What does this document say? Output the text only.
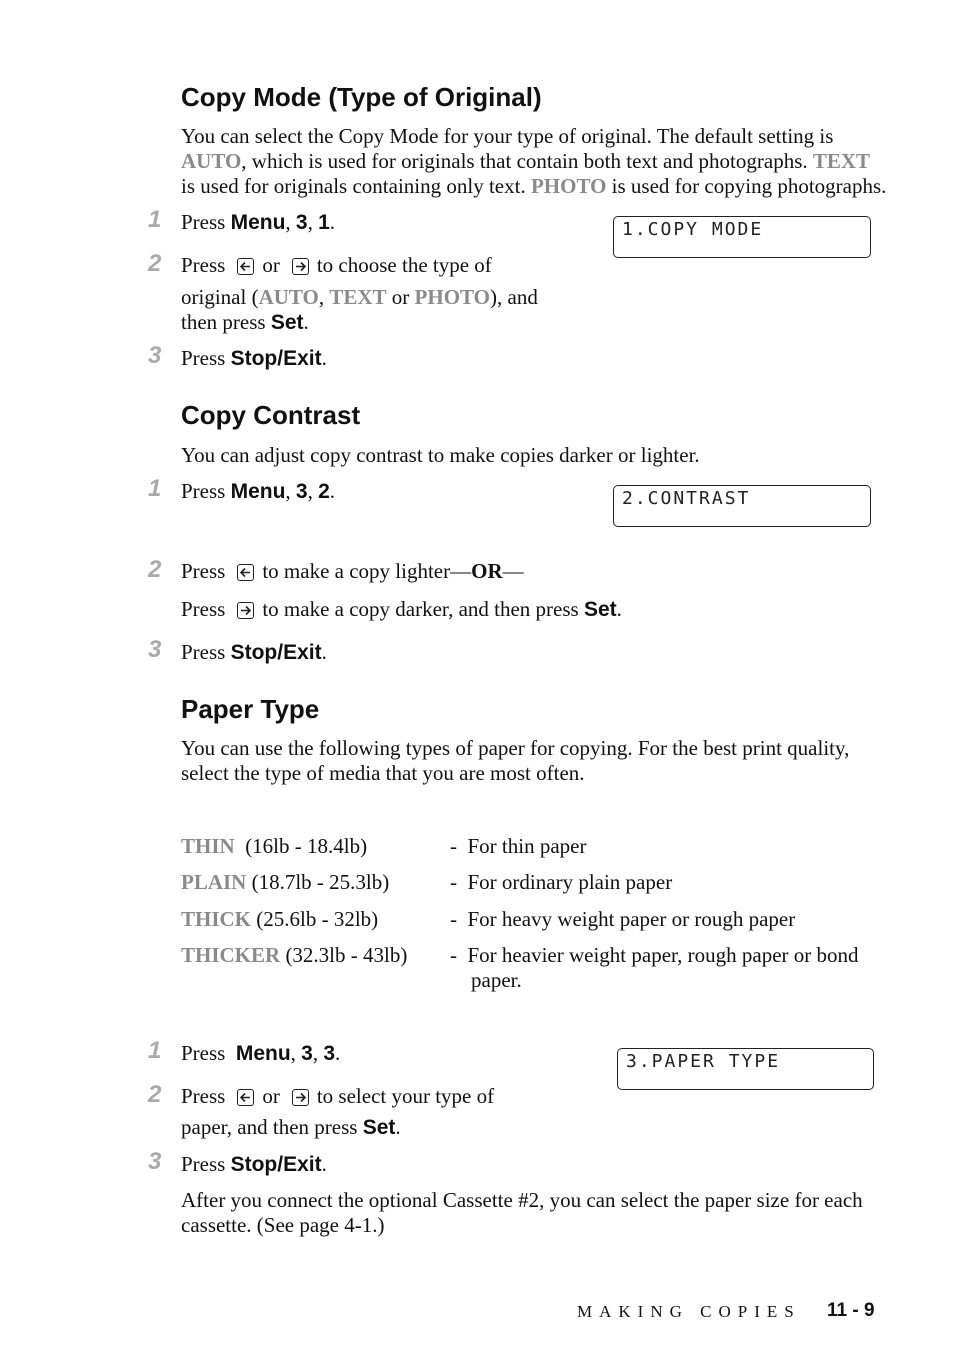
Copy Mode (Type of Original)
You can select the Copy Mode for your type of original. The default setting is
AUTO, which is used for originals that contain both text and photographs. TEXT
is used for originals containing only text. PHOTO is used for copying photographs.
1 Press Menu, 3, 1.	1.COPY MODE
2 Press or to choose the type of
original (AUTO, TEXT or PHOTO), and
then press Set.
3 Press Stop/Exit.
Copy Contrast
You can adjust copy contrast to make copies darker or lighter.
1 Press Menu, 3, 2.	2.CONTRAST
2 Press to make a copy lighter—OR—
Press to make a copy darker, and then press Set.
3 Press Stop/Exit.
Paper Type
You can use the following types of paper for copying. For the best print quality,
select the type of media that you are most often.
THIN  (16lb - 18.4lb)	- For thin paper
PLAIN (18.7lb - 25.3lb)	- For ordinary plain paper
THICK (25.6lb - 32lb)	- For heavy weight paper or rough paper
THICKER (32.3lb - 43lb) - For heavier weight paper, rough paper or bond
paper.
1 Press  Menu, 3, 3.	3.PAPER TYPE
2 Press or to select your type of
paper, and then press Set.
3 Press Stop/Exit.
After you connect the optional Cassette #2, you can select the paper size for each
cassette. (See page 4-1.)
MAKING COPIES 11 - 9
